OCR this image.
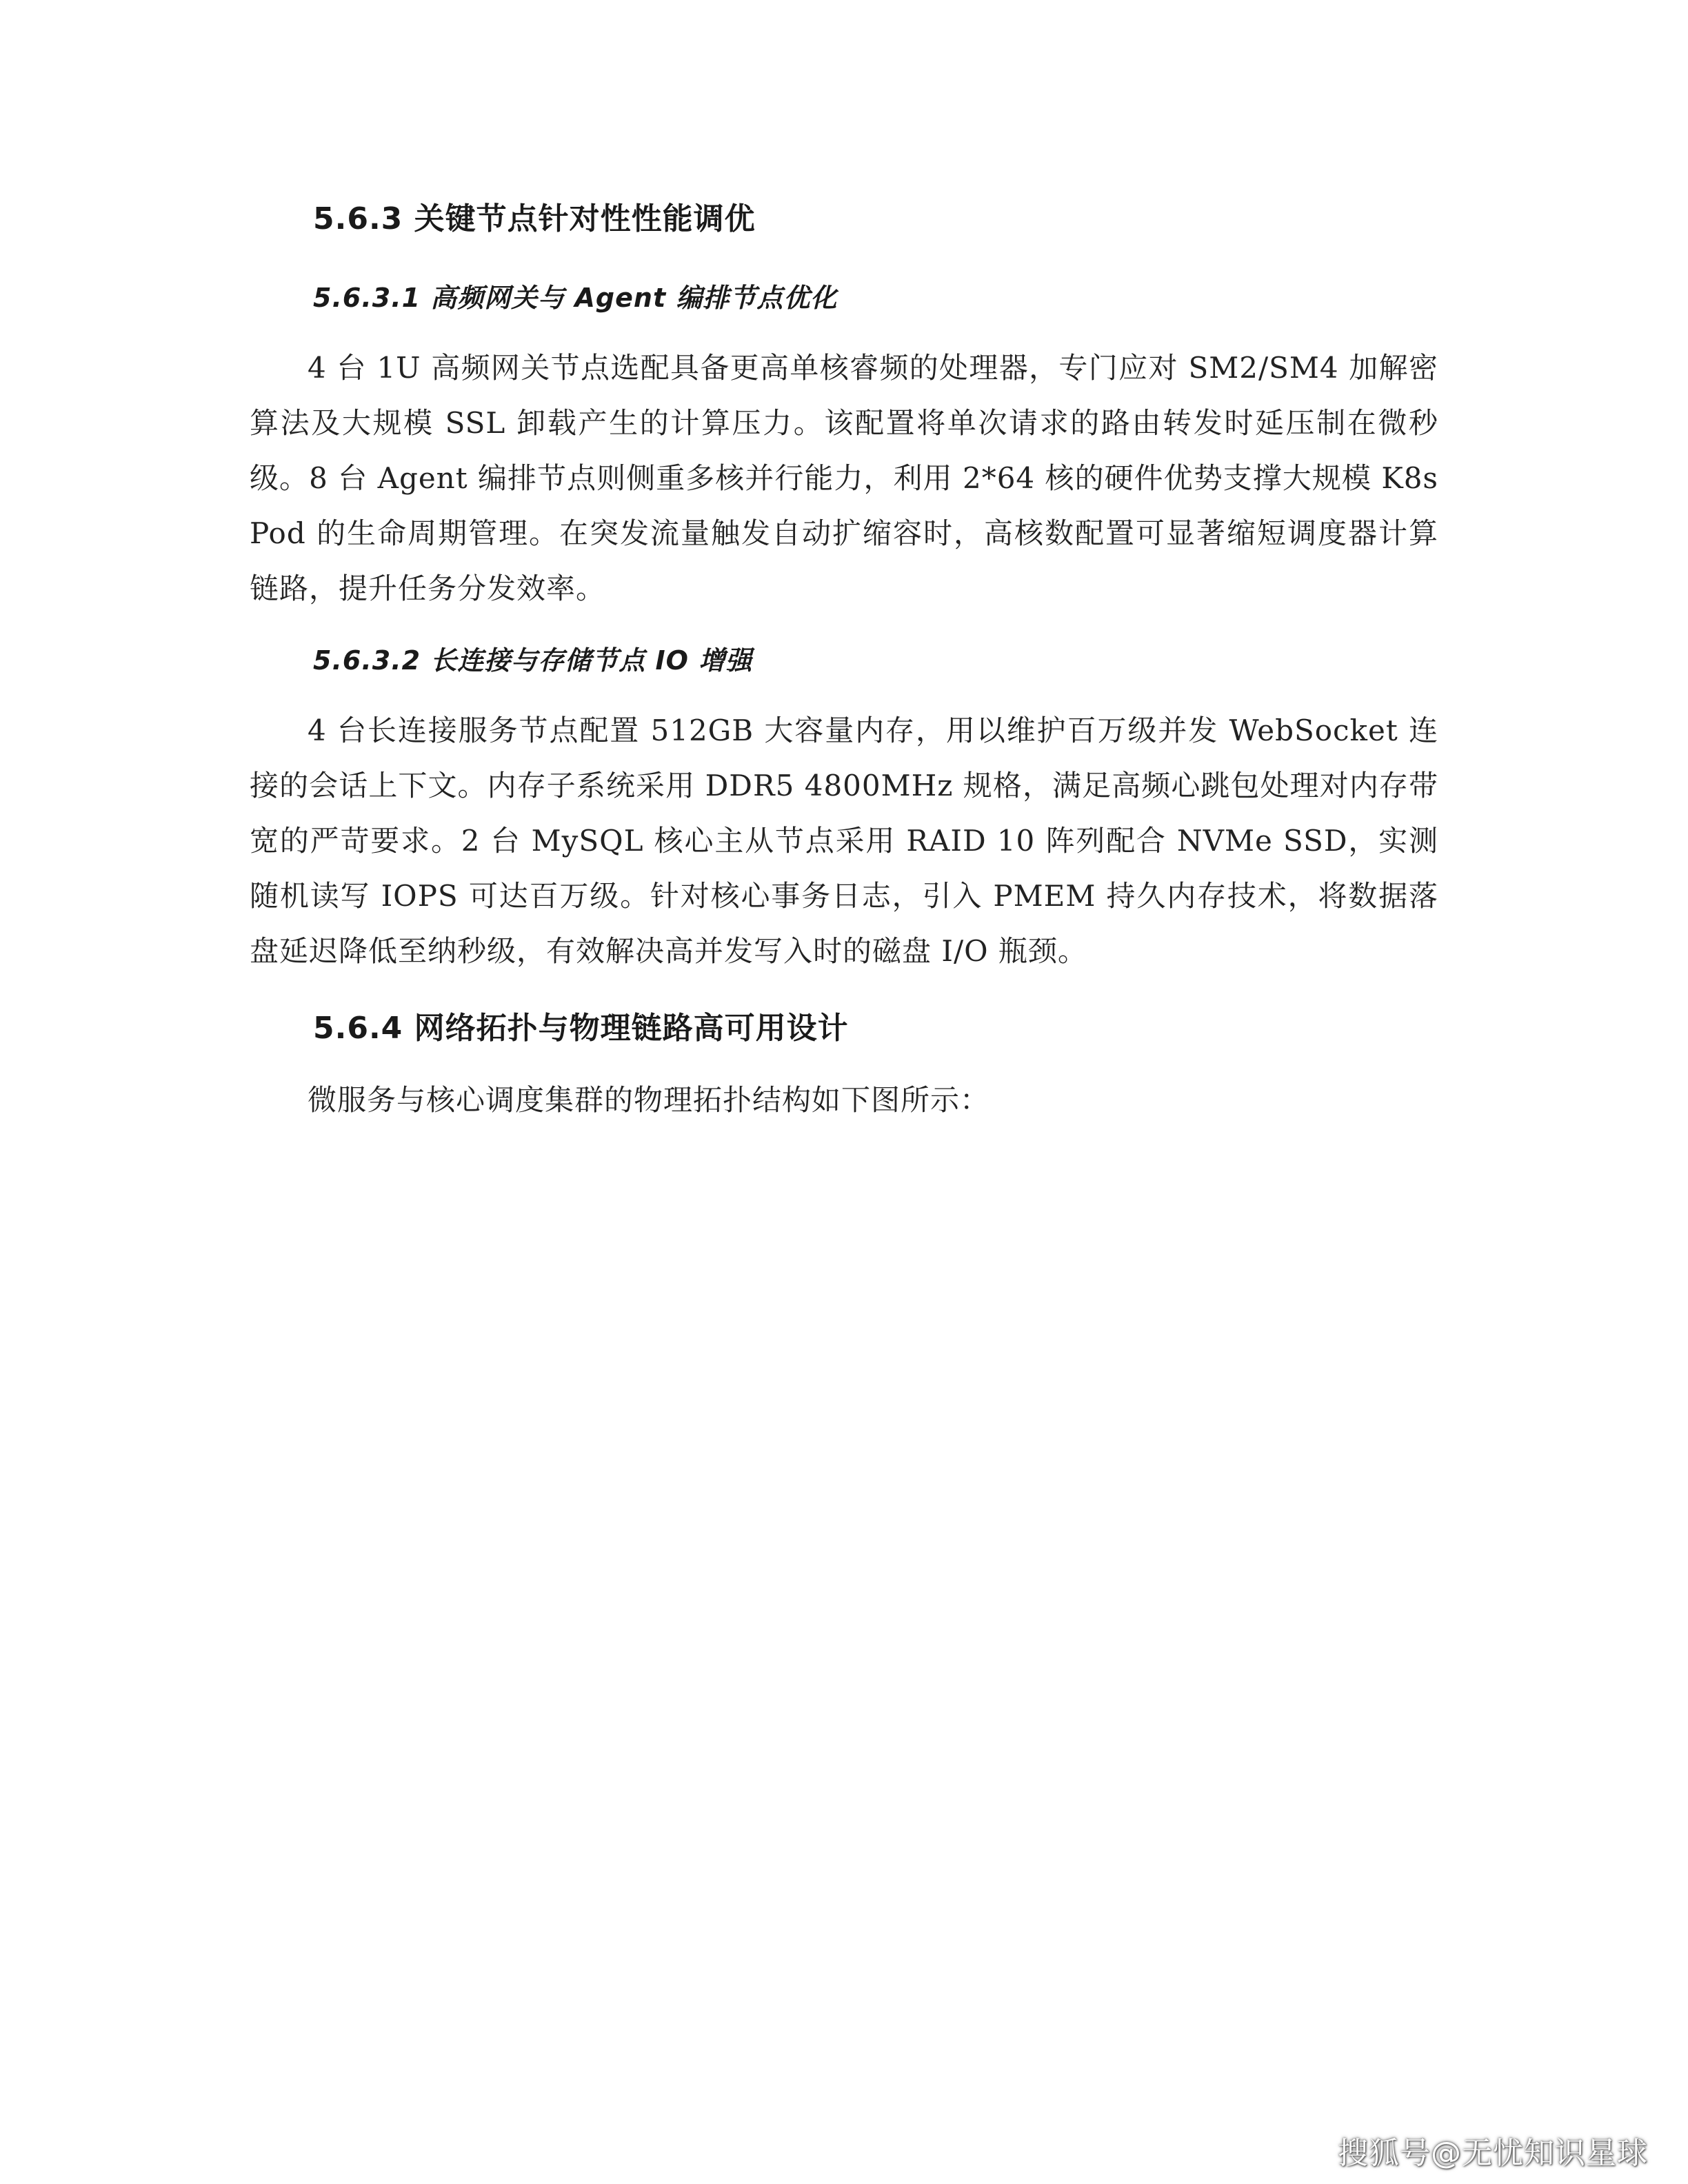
5.6.3 关键节点针对性性能调优
5.6.3.1 高频网关与 Agent 编排节点优化

4 台 1U 高频网关节点选配具备更高单核睿频的处理器，专门应对 SM2/SM4 加解密算法及大规模 SSL 卸载产生的计算压力。该配置将单次请求的路由转发时延压制在微秒级。8 台 Agent 编排节点则侧重多核并行能力，利用 2*64 核的硬件优势支撑大规模 K8s Pod 的生命周期管理。在突发流量触发自动扩缩容时，高核数配置可显著缩短调度器计算链路，提升任务分发效率。

5.6.3.2 长连接与存储节点 IO 增强

4 台长连接服务节点配置 512GB 大容量内存，用以维护百万级并发 WebSocket 连接的会话上下文。内存子系统采用 DDR5 4800MHz 规格，满足高频心跳包处理对内存带宽的严苛要求。2 台 MySQL 核心主从节点采用 RAID 10 阵列配合 NVMe SSD，实测随机读写 IOPS 可达百万级。针对核心事务日志，引入 PMEM 持久内存技术，将数据落盘延迟降低至纳秒级，有效解决高并发写入时的磁盘 I/O 瓶颈。

5.6.4 网络拓扑与物理链路高可用设计

微服务与核心调度集群的物理拓扑结构如下图所示：

搜狐号@无忧知识星球
